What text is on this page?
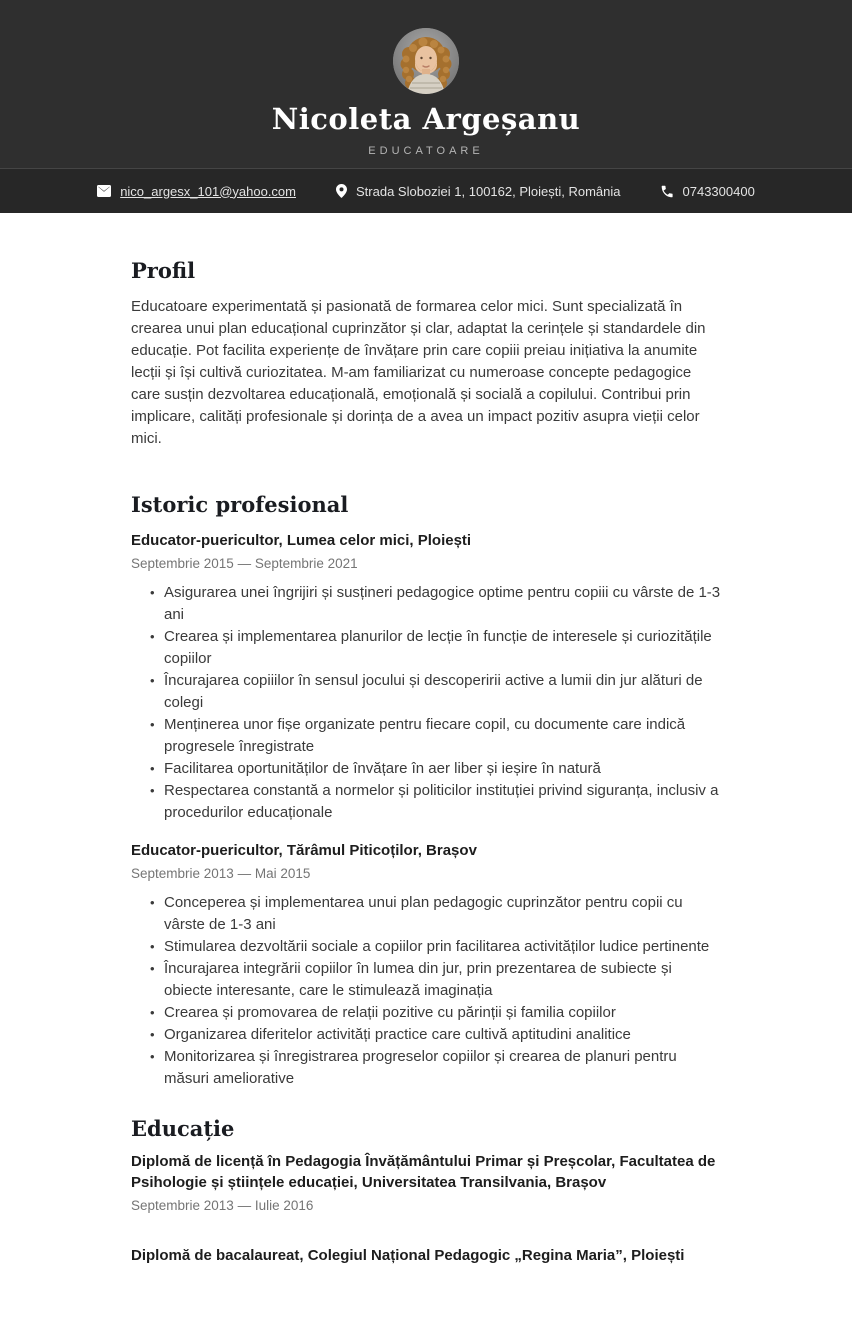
Nicoleta Argeșanu
EDUCATOARE
nico_argesx_101@yahoo.com	Strada Sloboziei 1, 100162, Ploiești, România	0743300400
Profil

Educatoare experimentată și pasionată de formarea celor mici. Sunt specializată în crearea unui plan educațional cuprinzător și clar, adaptat la cerințele și standardele din educație. Pot facilita experiențe de învățare prin care copiii preiau inițiativa la anumite lecții și își cultivă curiozitatea. M-am familiarizat cu numeroase concepte pedagogice care susțin dezvoltarea educațională, emoțională și socială a copilului. Contribui prin implicare, calități profesionale și dorința de a avea un impact pozitiv asupra vieții celor mici.

Istoric profesional

Educator-puericultor, Lumea celor mici, Ploiești

Septembrie 2015 — Septembrie 2021
• Asigurarea unei îngrijiri și susțineri pedagogice optime pentru copiii cu vârste de 1-3 ani
• Crearea și implementarea planurilor de lecție în funcție de interesele și curiozitățile copiilor
• Încurajarea copiiilor în sensul jocului și descoperirii active a lumii din jur alături de colegi
• Menținerea unor fișe organizate pentru fiecare copil, cu documente care indică progresele înregistrate
• Facilitarea oportunităților de învățare în aer liber și ieșire în natură
• Respectarea constantă a normelor și politicilor instituției privind siguranța, inclusiv a procedurilor educaționale

Educator-puericultor, Tărâmul Piticoților, Brașov

Septembrie 2013 — Mai 2015
• Conceperea și implementarea unui plan pedagogic cuprinzător pentru copii cu vârste de 1-3 ani
• Stimularea dezvoltării sociale a copiilor prin facilitarea activităților ludice pertinente
• Încurajarea integrării copiilor în lumea din jur, prin prezentarea de subiecte și obiecte interesante, care le stimulează imaginația
• Crearea și promovarea de relații pozitive cu părinții și familia copiilor
• Organizarea diferitelor activități practice care cultivă aptitudini analitice
• Monitorizarea și înregistrarea progreselor copiilor și crearea de planuri pentru măsuri ameliorative
Educație

Diplomă de licență în Pedagogia Învățământului Primar și Preșcolar, Facultatea de Psihologie și științele educației, Universitatea Transilvania, Brașov

Septembrie 2013 — Iulie 2016

Diplomă de bacalaureat, Colegiul Național Pedagogic „Regina Maria”, Ploiești
